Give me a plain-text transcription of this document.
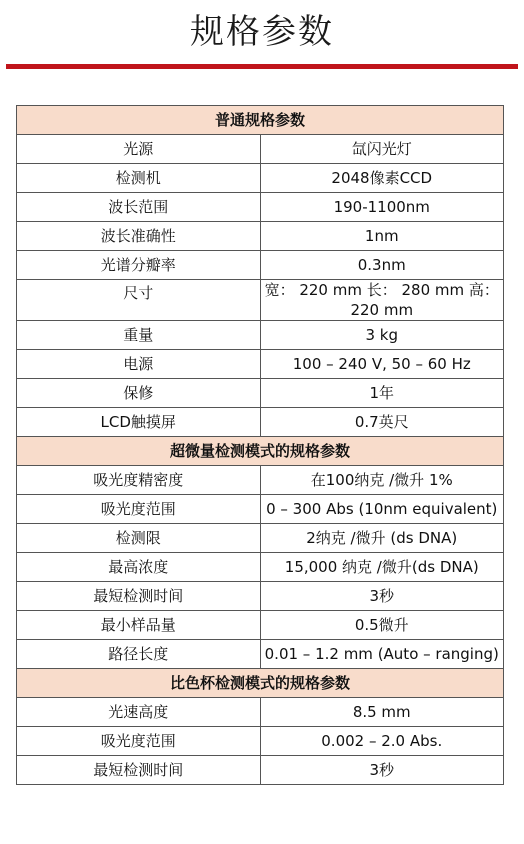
规格参数
普通规格参数	
光源	氙闪光灯
检测机	2048像素CCD
波长范围	190-1100nm
波长准确性	1nm
光谱分瓣率	0.3nm
尺寸	宽： 220 mm 长： 280 mm 高： 220 mm
重量	3 kg
电源	100 – 240 V, 50 – 60 Hz
保修	1年
LCD触摸屏	0.7英尺
超微量检测模式的规格参数	
吸光度精密度	在100纳克 /微升 1%
吸光度范围	0 – 300 Abs (10nm equivalent)
检测限	2纳克 /微升 (ds DNA)
最高浓度	15,000 纳克 /微升(ds DNA)
最短检测时间	3秒
最小样品量	0.5微升
路径长度	0.01 – 1.2 mm (Auto – ranging)
比色杯检测模式的规格参数	
光速高度	8.5 mm
吸光度范围	0.002 – 2.0 Abs.
最短检测时间	3秒
